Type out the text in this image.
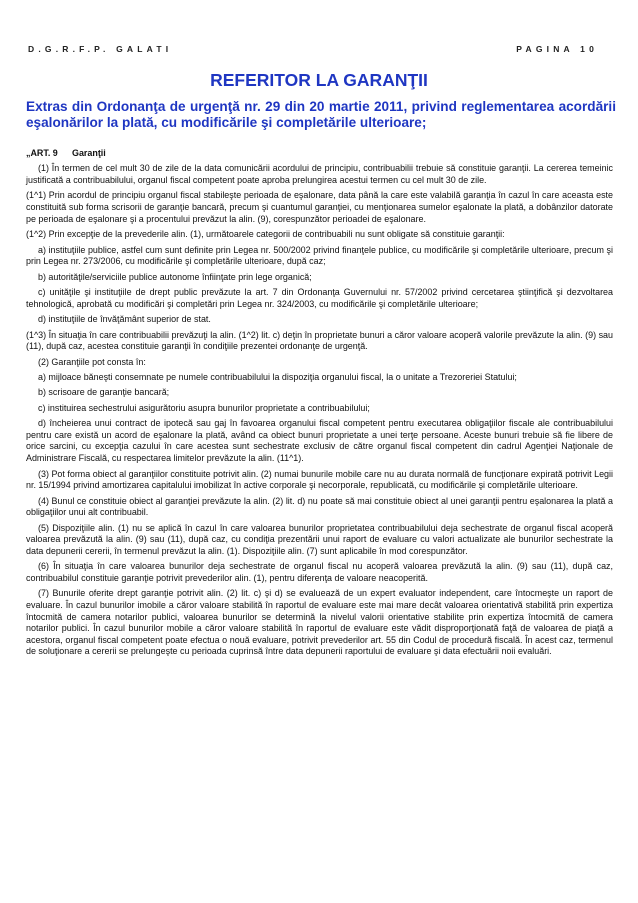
D.G.R.F.P. GALATI	PAGINA 10
REFERITOR LA GARANŢII
Extras din Ordonanţa de urgenţă nr. 29 din 20 martie 2011, privind reglementarea acordării eşalonărilor la plată, cu modificările şi completările ulterioare;

„ART. 9 Garanţii

(1) În termen de cel mult 30 de zile de la data comunicării acordului de principiu, contribuabilii trebuie să constituie garanţii. La cererea temeinic justificată a contribuabilului, organul fiscal competent poate aproba prelungirea acestui termen cu cel mult 30 de zile.

(1^1) Prin acordul de principiu organul fiscal stabileşte perioada de eşalonare, data până la care este valabilă garanţia în cazul în care aceasta este constituită sub forma scrisorii de garanţie bancară, precum şi cuantumul garanţiei, cu menţionarea sumelor eşalonate la plată, a dobânzilor datorate pe perioada de eşalonare şi a procentului prevăzut la alin. (9), corespunzător perioadei de eşalonare.

(1^2) Prin excepţie de la prevederile alin. (1), următoarele categorii de contribuabili nu sunt obligate să constituie garanţii:

a) instituţiile publice, astfel cum sunt definite prin Legea nr. 500/2002 privind finanţele publice, cu modificările şi completările ulterioare, precum şi prin Legea nr. 273/2006, cu modificările şi completările ulterioare, după caz;

b) autorităţile/serviciile publice autonome înfiinţate prin lege organică;

c) unităţile şi instituţiile de drept public prevăzute la art. 7 din Ordonanţa Guvernului nr. 57/2002 privind cercetarea ştiinţifică şi dezvoltarea tehnologică, aprobată cu modificări şi completări prin Legea nr. 324/2003, cu modificările şi completările ulterioare;

d) instituţiile de învăţământ superior de stat.

(1^3) În situaţia în care contribuabilii prevăzuţi la alin. (1^2) lit. c) deţin în proprietate bunuri a căror valoare acoperă valorile prevăzute la alin. (9) sau (11), după caz, acestea constituie garanţii în condiţiile prezentei ordonanţe de urgenţă.

(2) Garanţiile pot consta în:

a) mijloace băneşti consemnate pe numele contribuabilului la dispoziţia organului fiscal, la o unitate a Trezoreriei Statului;

b) scrisoare de garanţie bancară;

c) instituirea sechestrului asigurătoriu asupra bunurilor proprietate a contribuabilului;

d) încheierea unui contract de ipotecă sau gaj în favoarea organului fiscal competent pentru executarea obligaţiilor fiscale ale contribuabilului pentru care există un acord de eşalonare la plată, având ca obiect bunuri proprietate a unei terţe persoane. Aceste bunuri trebuie să fie libere de orice sarcini, cu excepţia cazului în care acestea sunt sechestrate exclusiv de către organul fiscal competent din cadrul Agenţiei Naţionale de Administrare Fiscală, cu respectarea limitelor prevăzute la alin. (11^1).

(3) Pot forma obiect al garanţiilor constituite potrivit alin. (2) numai bunurile mobile care nu au durata normală de funcţionare expirată potrivit Legii nr. 15/1994 privind amortizarea capitalului imobilizat în active corporale şi necorporale, republicată, cu modificările şi completările ulterioare.

(4) Bunul ce constituie obiect al garanţiei prevăzute la alin. (2) lit. d) nu poate să mai constituie obiect al unei garanţii pentru eşalonarea la plată a obligaţiilor unui alt contribuabil.

(5) Dispoziţiile alin. (1) nu se aplică în cazul în care valoarea bunurilor proprietatea contribuabilului deja sechestrate de organul fiscal acoperă valoarea prevăzută la alin. (9) sau (11), după caz, cu condiţia prezentării unui raport de evaluare cu valori actualizate ale bunurilor sechestrate la data depunerii cererii, în termenul prevăzut la alin. (1). Dispoziţiile alin. (7) sunt aplicabile în mod corespunzător.

(6) În situaţia în care valoarea bunurilor deja sechestrate de organul fiscal nu acoperă valoarea prevăzută la alin. (9) sau (11), după caz, contribuabilul constituie garanţie potrivit prevederilor alin. (1), pentru diferenţa de valoare neacoperită.

(7) Bunurile oferite drept garanţie potrivit alin. (2) lit. c) şi d) se evaluează de un expert evaluator independent, care întocmeşte un raport de evaluare. În cazul bunurilor imobile a căror valoare stabilită în raportul de evaluare este mai mare decât valoarea orientativă stabilită prin expertiza întocmită de camera notarilor publici, valoarea bunurilor se determină la nivelul valorii orientative stabilite prin expertiza întocmită de camera notarilor publici. În cazul bunurilor mobile a căror valoare stabilită în raportul de evaluare este vădit disproporţionată faţă de valoarea de piaţă a acestora, organul fiscal competent poate efectua o nouă evaluare, potrivit prevederilor art. 55 din Codul de procedură fiscală. În acest caz, termenul de soluţionare a cererii se prelungeşte cu perioada cuprinsă între data depunerii raportului de evaluare şi data efectuării noii evaluări.
